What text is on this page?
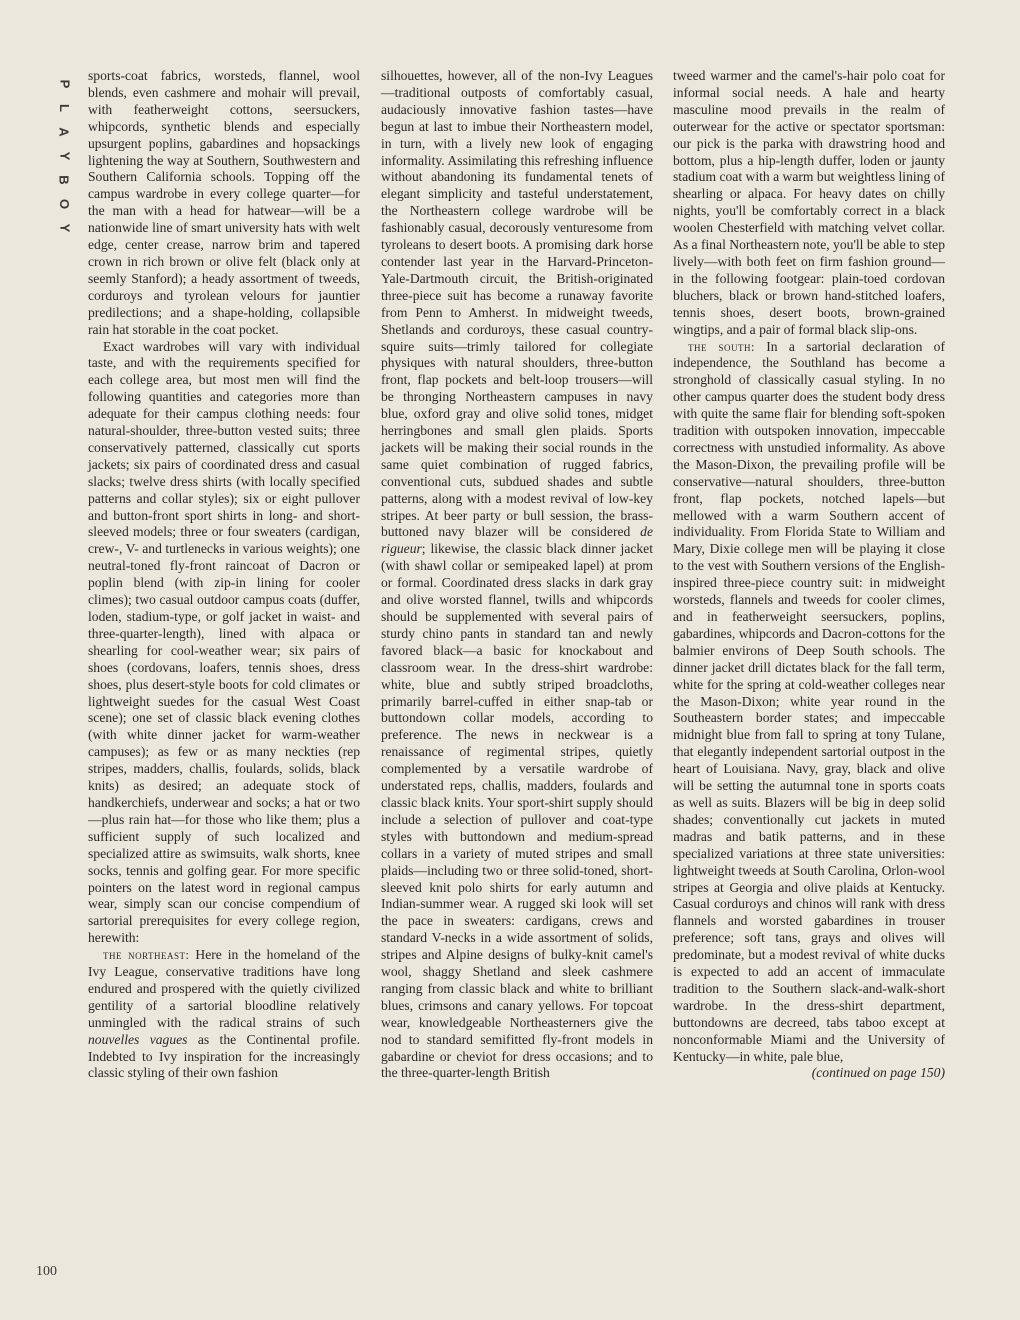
P
L
A
Y
B
O
Y

sports-coat fabrics, worsteds, flannel, wool blends, even cashmere and mohair will prevail, with featherweight cottons, seersuckers, whipcords, synthetic blends and especially upsurgent poplins, gabardines and hopsackings lightening the way at Southern, Southwestern and Southern California schools. Topping off the campus wardrobe in every college quarter—for the man with a head for hatwear—will be a nationwide line of smart university hats with welt edge, center crease, narrow brim and tapered crown in rich brown or olive felt (black only at seemly Stanford); a heady assortment of tweeds, corduroys and tyrolean velours for jauntier predilections; and a shape-holding, collapsible rain hat storable in the coat pocket.

Exact wardrobes will vary with individual taste, and with the requirements specified for each college area, but most men will find the following quantities and categories more than adequate for their campus clothing needs: four natural-shoulder, three-button vested suits; three conservatively patterned, classically cut sports jackets; six pairs of coordinated dress and casual slacks; twelve dress shirts (with locally specified patterns and collar styles); six or eight pullover and button-front sport shirts in long- and short-sleeved models; three or four sweaters (cardigan, crew-, V- and turtlenecks in various weights); one neutral-toned fly-front raincoat of Dacron or poplin blend (with zip-in lining for cooler climes); two casual outdoor campus coats (duffer, loden, stadium-type, or golf jacket in waist- and three-quarter-length), lined with alpaca or shearling for cool-weather wear; six pairs of shoes (cordovans, loafers, tennis shoes, dress shoes, plus desert-style boots for cold climates or lightweight suedes for the casual West Coast scene); one set of classic black evening clothes (with white dinner jacket for warm-weather campuses); as few or as many neckties (rep stripes, madders, challis, foulards, solids, black knits) as desired; an adequate stock of handkerchiefs, underwear and socks; a hat or two—plus rain hat—for those who like them; plus a sufficient supply of such localized and specialized attire as swimsuits, walk shorts, knee socks, tennis and golfing gear. For more specific pointers on the latest word in regional campus wear, simply scan our concise compendium of sartorial prerequisites for every college region, herewith:

the northeast: Here in the homeland of the Ivy League, conservative traditions have long endured and prospered with the quietly civilized gentility of a sartorial bloodline relatively unmingled with the radical strains of such nouvelles vagues as the Continental profile. Indebted to Ivy inspiration for the increasingly classic styling of their own fashion

silhouettes, however, all of the non-Ivy Leagues—traditional outposts of comfortably casual, audaciously innovative fashion tastes—have begun at last to imbue their Northeastern model, in turn, with a lively new look of engaging informality. Assimilating this refreshing influence without abandoning its fundamental tenets of elegant simplicity and tasteful understatement, the Northeastern college wardrobe will be fashionably casual, decorously venturesome from tyroleans to desert boots. A promising dark horse contender last year in the Harvard-Princeton-Yale-Dartmouth circuit, the British-originated three-piece suit has become a runaway favorite from Penn to Amherst. In midweight tweeds, Shetlands and corduroys, these casual country-squire suits—trimly tailored for collegiate physiques with natural shoulders, three-button front, flap pockets and belt-loop trousers—will be thronging Northeastern campuses in navy blue, oxford gray and olive solid tones, midget herringbones and small glen plaids. Sports jackets will be making their social rounds in the same quiet combination of rugged fabrics, conventional cuts, subdued shades and subtle patterns, along with a modest revival of low-key stripes. At beer party or bull session, the brass-buttoned navy blazer will be considered de rigueur; likewise, the classic black dinner jacket (with shawl collar or semipeaked lapel) at prom or formal. Coordinated dress slacks in dark gray and olive worsted flannel, twills and whipcords should be supplemented with several pairs of sturdy chino pants in standard tan and newly favored black—a basic for knockabout and classroom wear. In the dress-shirt wardrobe: white, blue and subtly striped broadcloths, primarily barrel-cuffed in either snap-tab or buttondown collar models, according to preference. The news in neckwear is a renaissance of regimental stripes, quietly complemented by a versatile wardrobe of understated reps, challis, madders, foulards and classic black knits. Your sport-shirt supply should include a selection of pullover and coat-type styles with buttondown and medium-spread collars in a variety of muted stripes and small plaids—including two or three solid-toned, short-sleeved knit polo shirts for early autumn and Indian-summer wear. A rugged ski look will set the pace in sweaters: cardigans, crews and standard V-necks in a wide assortment of solids, stripes and Alpine designs of bulky-knit camel's wool, shaggy Shetland and sleek cashmere ranging from classic black and white to brilliant blues, crimsons and canary yellows. For topcoat wear, knowledgeable Northeasterners give the nod to standard semifitted fly-front models in gabardine or cheviot for dress occasions; and to the three-quarter-length British

tweed warmer and the camel's-hair polo coat for informal social needs. A hale and hearty masculine mood prevails in the realm of outerwear for the active or spectator sportsman: our pick is the parka with drawstring hood and bottom, plus a hip-length duffer, loden or jaunty stadium coat with a warm but weightless lining of shearling or alpaca. For heavy dates on chilly nights, you'll be comfortably correct in a black woolen Chesterfield with matching velvet collar. As a final Northeastern note, you'll be able to step lively—with both feet on firm fashion ground—in the following footgear: plain-toed cordovan bluchers, black or brown hand-stitched loafers, tennis shoes, desert boots, brown-grained wingtips, and a pair of formal black slip-ons.

the south: In a sartorial declaration of independence, the Southland has become a stronghold of classically casual styling. In no other campus quarter does the student body dress with quite the same flair for blending soft-spoken tradition with outspoken innovation, impeccable correctness with unstudied informality. As above the Mason-Dixon, the prevailing profile will be conservative—natural shoulders, three-button front, flap pockets, notched lapels—but mellowed with a warm Southern accent of individuality. From Florida State to William and Mary, Dixie college men will be playing it close to the vest with Southern versions of the English-inspired three-piece country suit: in midweight worsteds, flannels and tweeds for cooler climes, and in featherweight seersuckers, poplins, gabardines, whipcords and Dacron-cottons for the balmier environs of Deep South schools. The dinner jacket drill dictates black for the fall term, white for the spring at cold-weather colleges near the Mason-Dixon; white year round in the Southeastern border states; and impeccable midnight blue from fall to spring at tony Tulane, that elegantly independent sartorial outpost in the heart of Louisiana. Navy, gray, black and olive will be setting the autumnal tone in sports coats as well as suits. Blazers will be big in deep solid shades; conventionally cut jackets in muted madras and batik patterns, and in these specialized variations at three state universities: lightweight tweeds at South Carolina, Orlon-wool stripes at Georgia and olive plaids at Kentucky. Casual corduroys and chinos will rank with dress flannels and worsted gabardines in trouser preference; soft tans, grays and olives will predominate, but a modest revival of white ducks is expected to add an accent of immaculate tradition to the Southern slack-and-walk-short wardrobe. In the dress-shirt department, buttondowns are decreed, tabs taboo except at nonconformable Miami and the University of Kentucky—in white, pale blue,

(continued on page 150)

100
